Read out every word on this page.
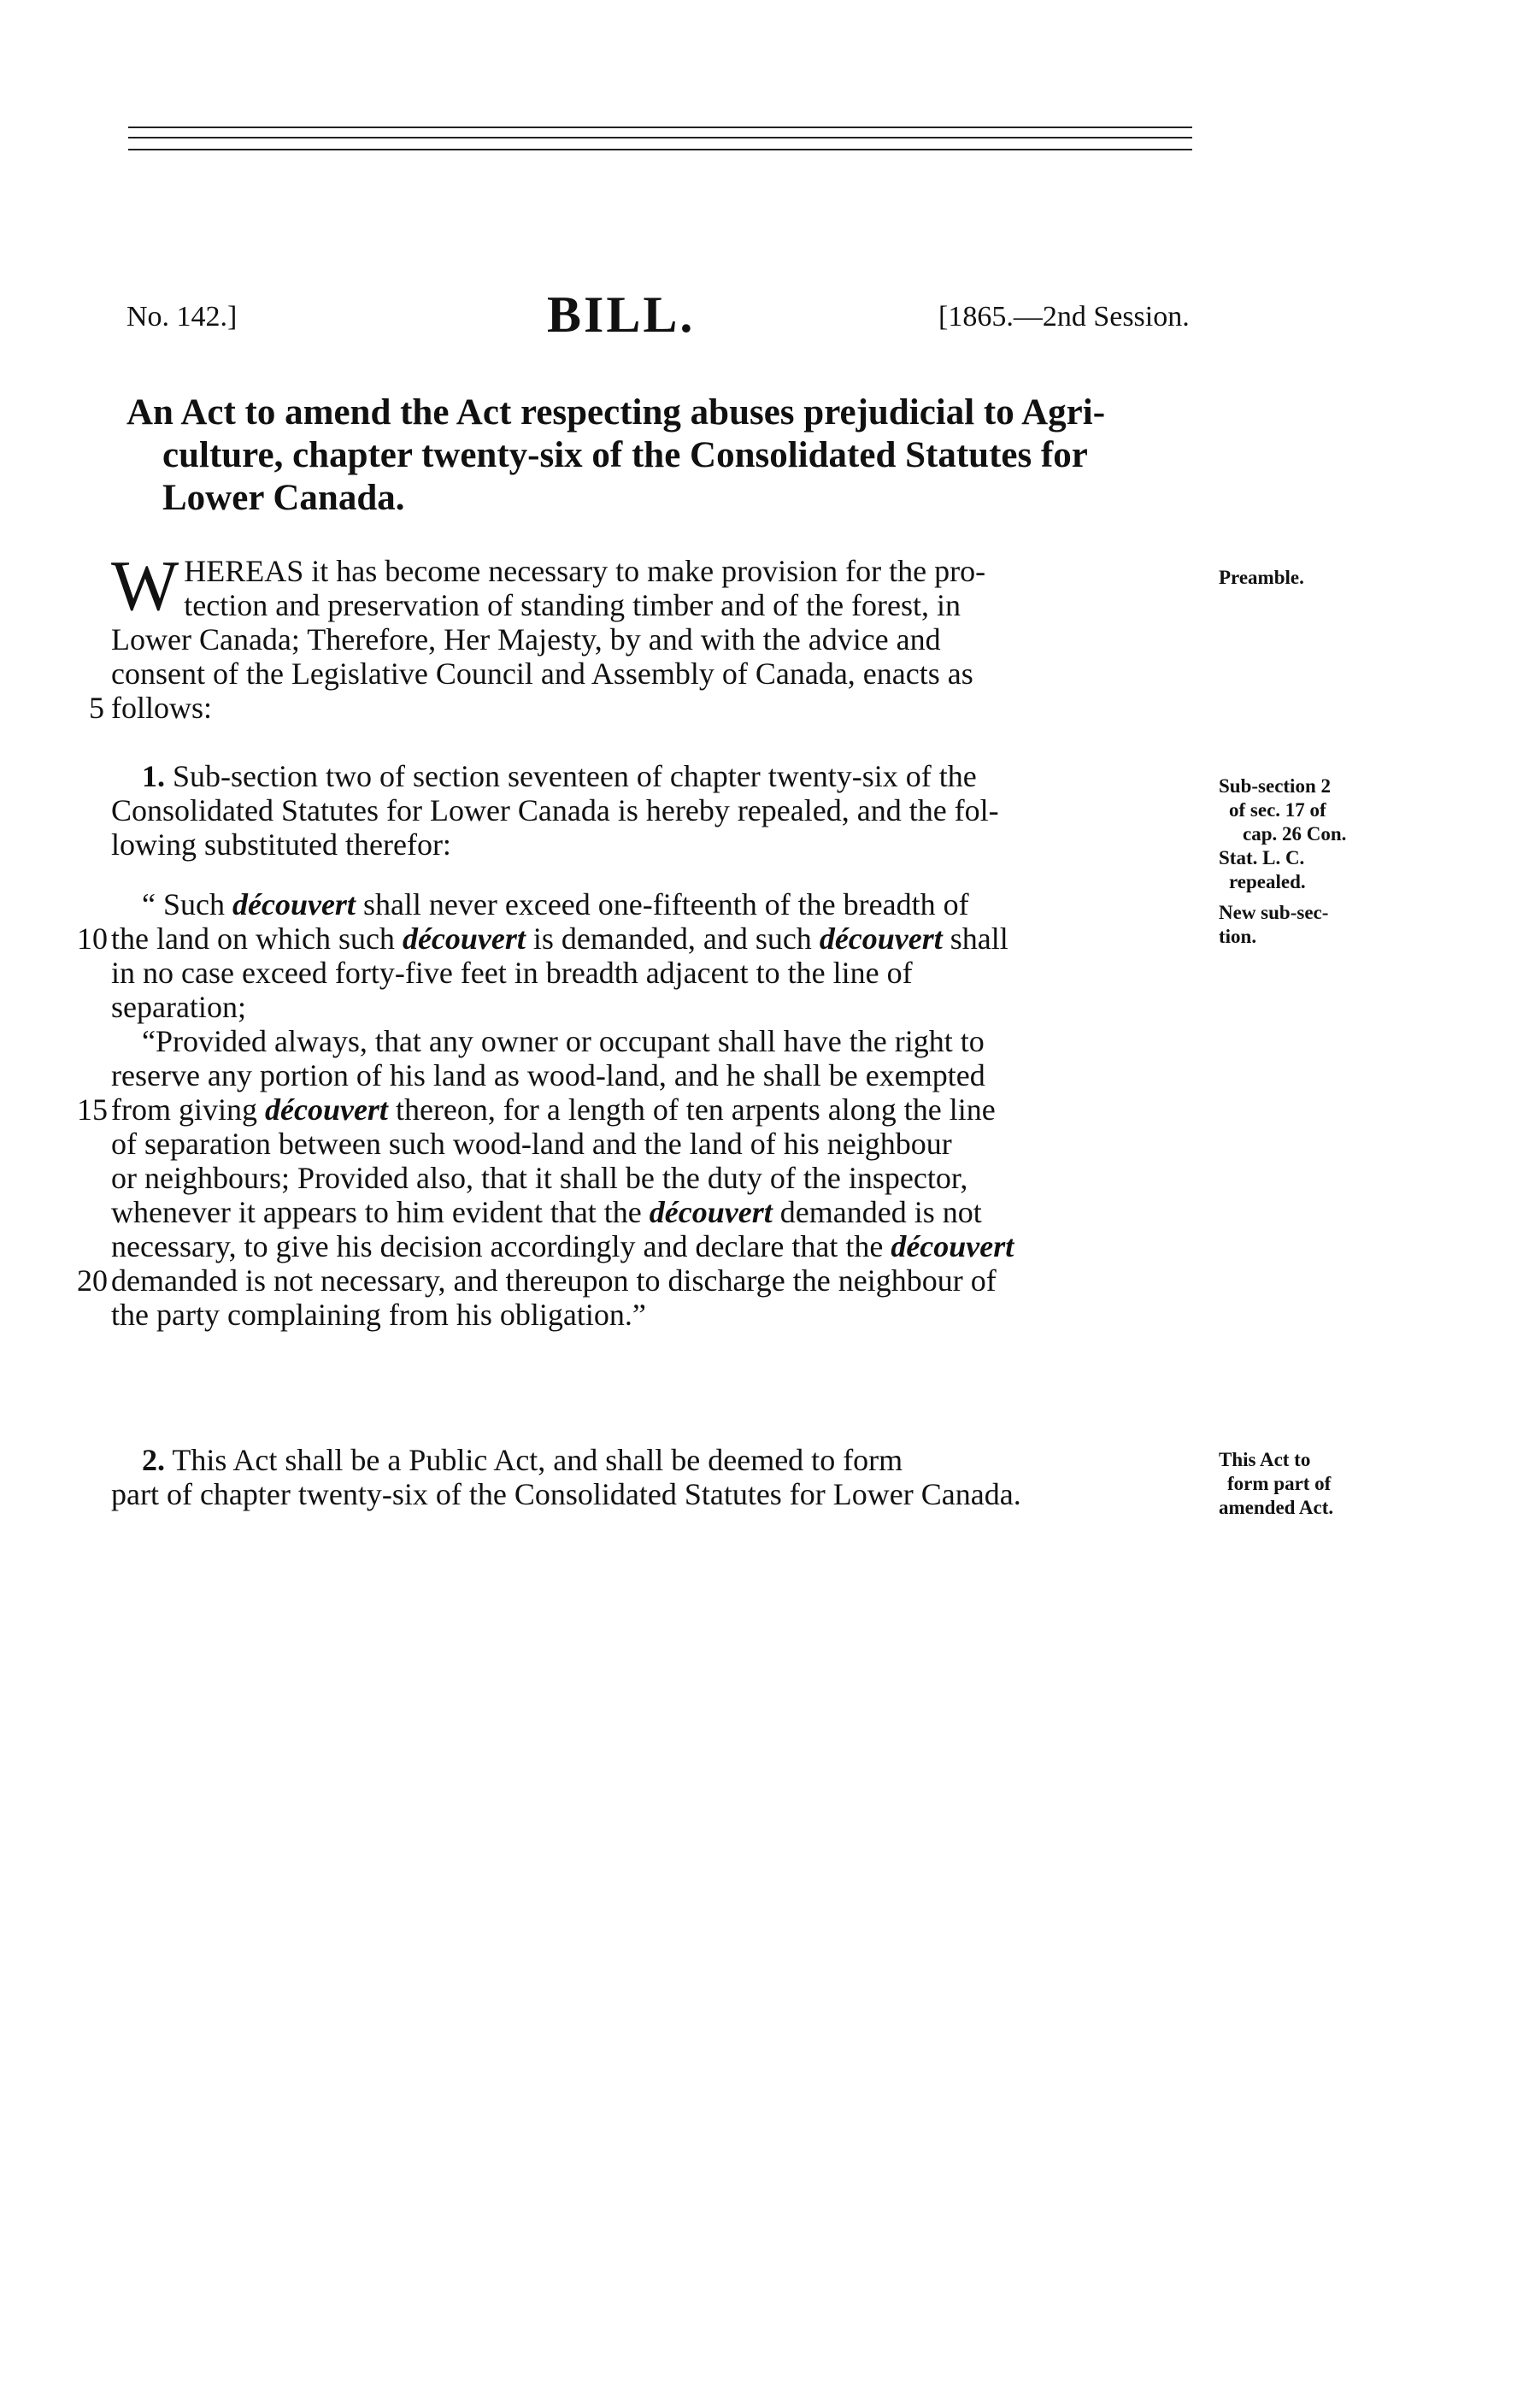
No. 142.]	BILL.	[1865.—2nd Session.
An Act to amend the Act respecting abuses prejudicial to Agri-
culture, chapter twenty-six of the Consolidated Statutes for
Lower Canada.
W HEREAS it has become necessary to make provision for the pro-
tection and preservation of standing timber and of the forest, in
Lower Canada; Therefore, Her Majesty, by and with the advice and
consent of the Legislative Council and Assembly of Canada, enacts as
5 follows:
Preamble.
1. Sub-section two of section seventeen of chapter twenty-six of the
Consolidated Statutes for Lower Canada is hereby repealed, and the fol-
lowing substituted therefor:
Sub-section 2
of sec. 17 of
cap. 26 Con.
Stat. L. C.
repealed.
“ Such découvert shall never exceed one-fifteenth of the breadth of
10 the land on which such découvert is demanded, and such découvert shall
in no case exceed forty-five feet in breadth adjacent to the line of
separation;
“Provided always, that any owner or occupant shall have the right to
reserve any portion of his land as wood-land, and he shall be exempted
15 from giving découvert thereon, for a length of ten arpents along the line
of separation between such wood-land and the land of his neighbour
or neighbours; Provided also, that it shall be the duty of the inspector,
whenever it appears to him evident that the découvert demanded is not
necessary, to give his decision accordingly and declare that the découvert
20 demanded is not necessary, and thereupon to discharge the neighbour of
the party complaining from his obligation.”
New sub-sec-
tion.
2. This Act shall be a Public Act, and shall be deemed to form
part of chapter twenty-six of the Consolidated Statutes for Lower Canada.
This Act to
form part of
amended Act.
